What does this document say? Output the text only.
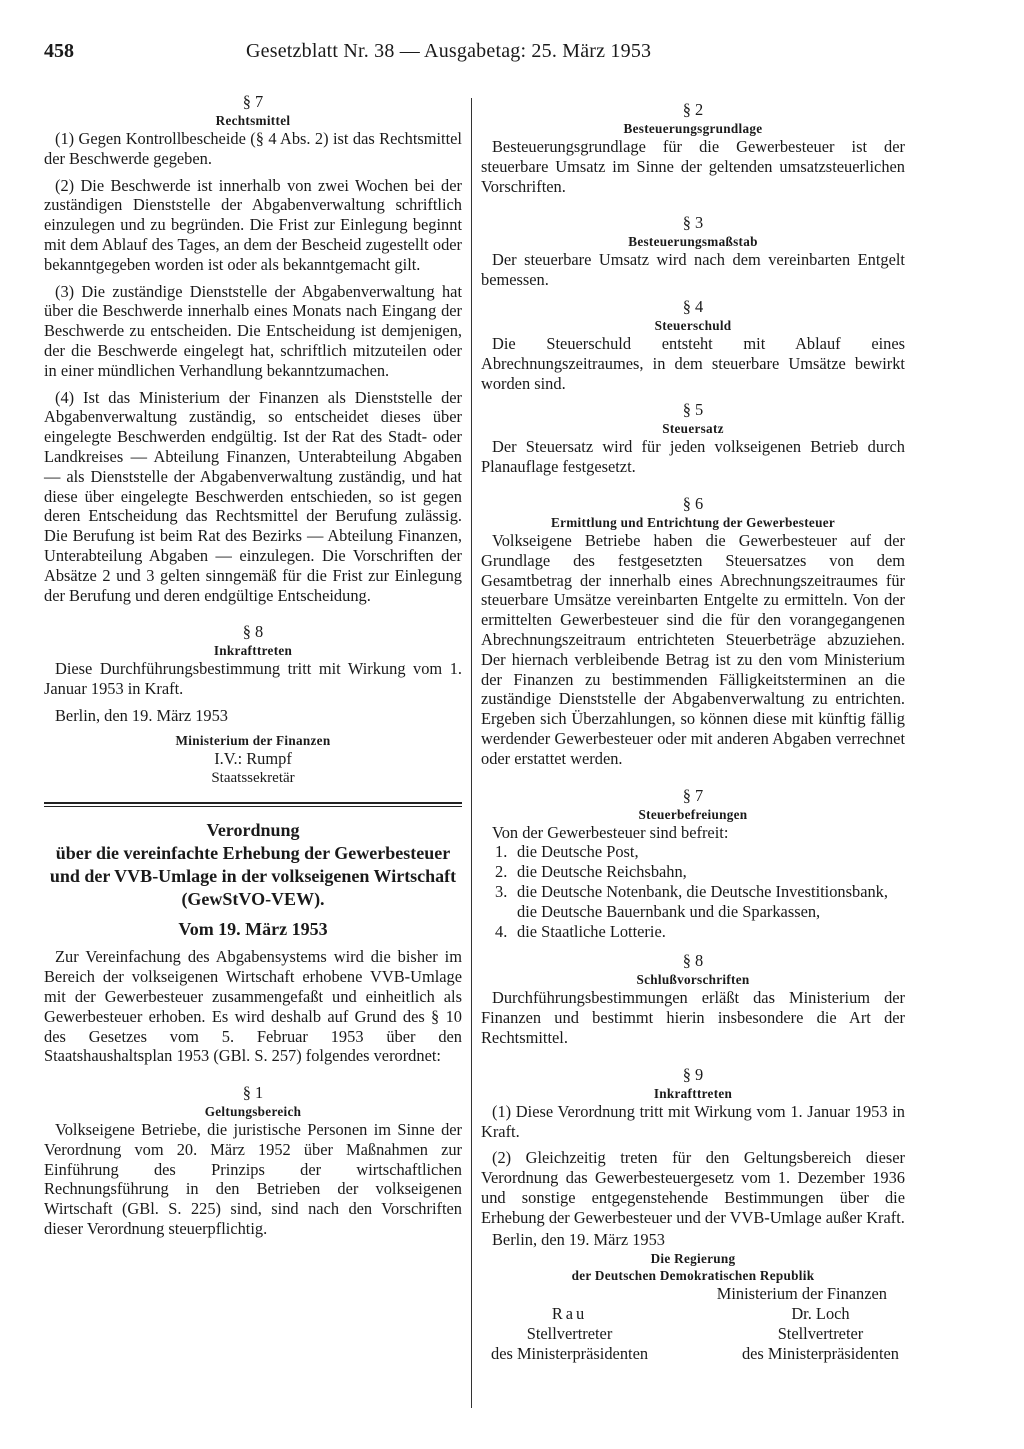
458	Gesetzblatt Nr. 38 — Ausgabetag: 25. März 1953

§ 7

Rechtsmittel

(1) Gegen Kontrollbescheide (§ 4 Abs. 2) ist das Rechtsmittel der Beschwerde gegeben.

(2) Die Beschwerde ist innerhalb von zwei Wochen bei der zuständigen Dienststelle der Abgabenverwaltung schriftlich einzulegen und zu begründen. Die Frist zur Einlegung beginnt mit dem Ablauf des Tages, an dem der Bescheid zugestellt oder bekanntgegeben worden ist oder als bekanntgemacht gilt.

(3) Die zuständige Dienststelle der Abgabenverwaltung hat über die Beschwerde innerhalb eines Monats nach Eingang der Beschwerde zu entscheiden. Die Entscheidung ist demjenigen, der die Beschwerde eingelegt hat, schriftlich mitzuteilen oder in einer mündlichen Verhandlung bekanntzumachen.

(4) Ist das Ministerium der Finanzen als Dienststelle der Abgabenverwaltung zuständig, so entscheidet dieses über eingelegte Beschwerden endgültig. Ist der Rat des Stadt- oder Landkreises — Abteilung Finanzen, Unterabteilung Abgaben — als Dienststelle der Abgabenverwaltung zuständig, und hat diese über eingelegte Beschwerden entschieden, so ist gegen deren Entscheidung das Rechtsmittel der Berufung zulässig. Die Berufung ist beim Rat des Bezirks — Abteilung Finanzen, Unterabteilung Abgaben — einzulegen. Die Vorschriften der Absätze 2 und 3 gelten sinngemäß für die Frist zur Einlegung der Berufung und deren endgültige Entscheidung.

§ 8

Inkrafttreten

Diese Durchführungsbestimmung tritt mit Wirkung vom 1. Januar 1953 in Kraft.

Berlin, den 19. März 1953

Ministerium der Finanzen

I.V.: Rumpf

Staatssekretär

Verordnung

über die vereinfachte Erhebung der Gewerbesteuer und der VVB-Umlage in der volkseigenen Wirtschaft

(GewStVO-VEW).

Vom 19. März 1953

Zur Vereinfachung des Abgabensystems wird die bisher im Bereich der volkseigenen Wirtschaft erhobene VVB-Umlage mit der Gewerbesteuer zusammengefaßt und einheitlich als Gewerbesteuer erhoben. Es wird deshalb auf Grund des § 10 des Gesetzes vom 5. Februar 1953 über den Staatshaushaltsplan 1953 (GBl. S. 257) folgendes verordnet:

§ 1

Geltungsbereich

Volkseigene Betriebe, die juristische Personen im Sinne der Verordnung vom 20. März 1952 über Maßnahmen zur Einführung des Prinzips der wirtschaftlichen Rechnungsführung in den Betrieben der volkseigenen Wirtschaft (GBl. S. 225) sind, sind nach den Vorschriften dieser Verordnung steuerpflichtig.

§ 2

Besteuerungsgrundlage

Besteuerungsgrundlage für die Gewerbesteuer ist der steuerbare Umsatz im Sinne der geltenden umsatzsteuerlichen Vorschriften.

§ 3

Besteuerungsmaßstab

Der steuerbare Umsatz wird nach dem vereinbarten Entgelt bemessen.

§ 4

Steuerschuld

Die Steuerschuld entsteht mit Ablauf eines Abrechnungszeitraumes, in dem steuerbare Umsätze bewirkt worden sind.

§ 5

Steuersatz

Der Steuersatz wird für jeden volkseigenen Betrieb durch Planauflage festgesetzt.

§ 6

Ermittlung und Entrichtung der Gewerbesteuer

Volkseigene Betriebe haben die Gewerbesteuer auf der Grundlage des festgesetzten Steuersatzes von dem Gesamtbetrag der innerhalb eines Abrechnungszeitraumes für steuerbare Umsätze vereinbarten Entgelte zu ermitteln. Von der ermittelten Gewerbesteuer sind die für den vorangegangenen Abrechnungszeitraum entrichteten Steuerbeträge abzuziehen. Der hiernach verbleibende Betrag ist zu den vom Ministerium der Finanzen zu bestimmenden Fälligkeitsterminen an die zuständige Dienststelle der Abgabenverwaltung zu entrichten. Ergeben sich Überzahlungen, so können diese mit künftig fällig werdender Gewerbesteuer oder mit anderen Abgaben verrechnet oder erstattet werden.

§ 7

Steuerbefreiungen

Von der Gewerbesteuer sind befreit:

1. die Deutsche Post,
2. die Deutsche Reichsbahn,
3. die Deutsche Notenbank, die Deutsche Investitionsbank, die Deutsche Bauernbank und die Sparkassen,
4. die Staatliche Lotterie.

§ 8

Schlußvorschriften

Durchführungsbestimmungen erläßt das Ministerium der Finanzen und bestimmt hierin insbesondere die Art der Rechtsmittel.

§ 9

Inkrafttreten

(1) Diese Verordnung tritt mit Wirkung vom 1. Januar 1953 in Kraft.

(2) Gleichzeitig treten für den Geltungsbereich dieser Verordnung das Gewerbesteuergesetz vom 1. Dezember 1936 und sonstige entgegenstehende Bestimmungen über die Erhebung der Gewerbesteuer und der VVB-Umlage außer Kraft.

Berlin, den 19. März 1953

Die Regierung

der Deutschen Demokratischen Republik

Ministerium der Finanzen

Rau
Stellvertreter
des Ministerpräsidenten
Dr. Loch
Stellvertreter
des Ministerpräsidenten
